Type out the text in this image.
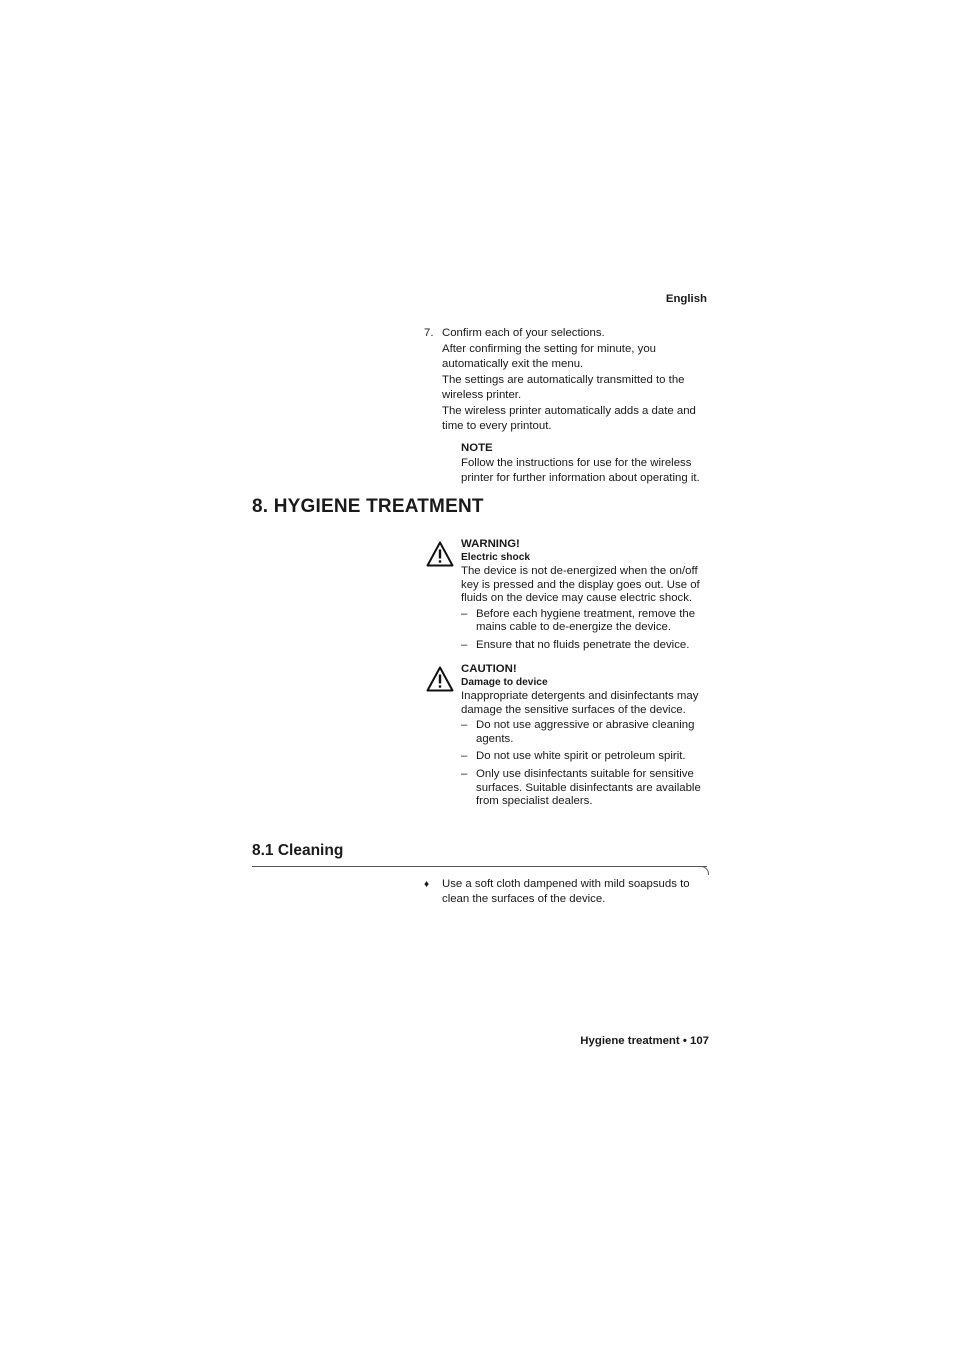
English
7. Confirm each of your selections.

After confirming the setting for minute, you automatically exit the menu.

The settings are automatically transmitted to the wireless printer.

The wireless printer automatically adds a date and time to every printout.

NOTE
Follow the instructions for use for the wireless printer for further information about operating it.
8. HYGIENE TREATMENT
WARNING!
Electric shock

The device is not de-energized when the on/off key is pressed and the display goes out. Use of fluids on the device may cause electric shock.

– Before each hygiene treatment, remove the mains cable to de-energize the device.
– Ensure that no fluids penetrate the device.
CAUTION!
Damage to device

Inappropriate detergents and disinfectants may damage the sensitive surfaces of the device.

– Do not use aggressive or abrasive cleaning agents.
– Do not use white spirit or petroleum spirit.
– Only use disinfectants suitable for sensitive surfaces. Suitable disinfectants are available from specialist dealers.
8.1 Cleaning
♦ Use a soft cloth dampened with mild soapsuds to clean the surfaces of the device.
Hygiene treatment • 107
